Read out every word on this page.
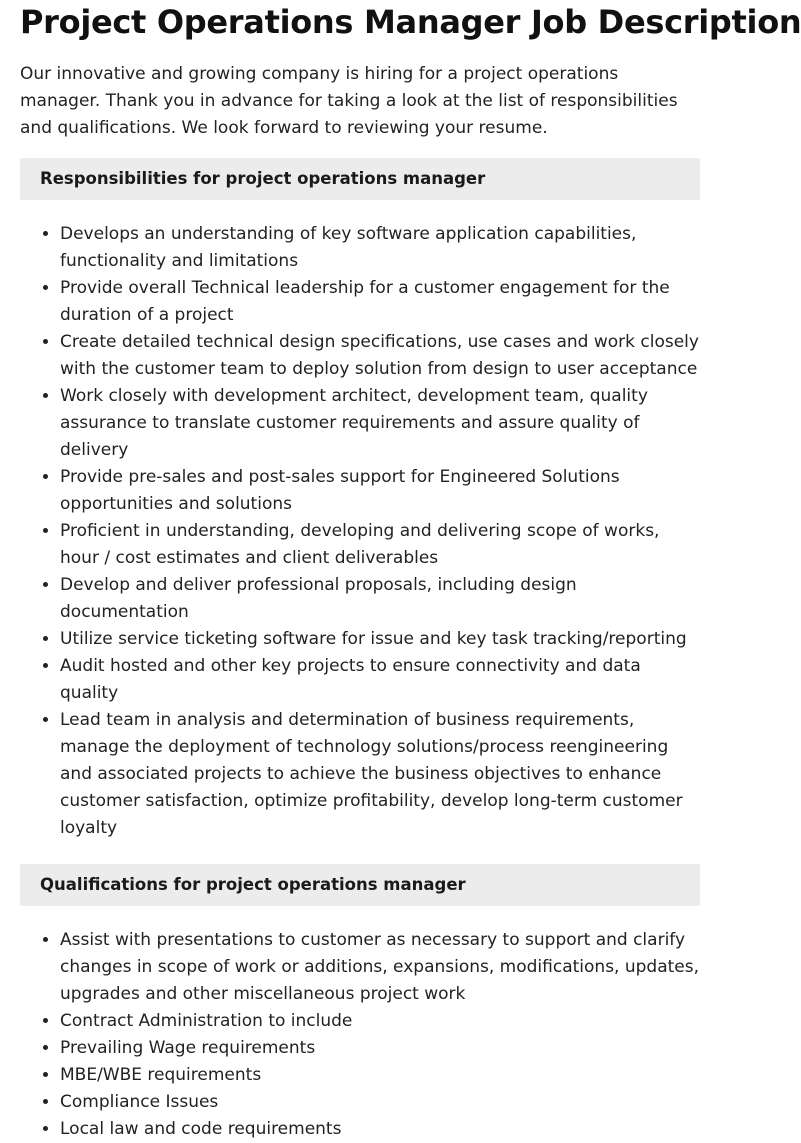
Project Operations Manager Job Description

Our innovative and growing company is hiring for a project operations manager. Thank you in advance for taking a look at the list of responsibilities and qualifications. We look forward to reviewing your resume.

Responsibilities for project operations manager
• Develops an understanding of key software application capabilities, functionality and limitations
• Provide overall Technical leadership for a customer engagement for the duration of a project
• Create detailed technical design specifications, use cases and work closely with the customer team to deploy solution from design to user acceptance
• Work closely with development architect, development team, quality assurance to translate customer requirements and assure quality of delivery
• Provide pre-sales and post-sales support for Engineered Solutions opportunities and solutions
• Proficient in understanding, developing and delivering scope of works, hour / cost estimates and client deliverables
• Develop and deliver professional proposals, including design documentation
• Utilize service ticketing software for issue and key task tracking/reporting
• Audit hosted and other key projects to ensure connectivity and data quality
• Lead team in analysis and determination of business requirements, manage the deployment of technology solutions/process reengineering and associated projects to achieve the business objectives to enhance customer satisfaction, optimize profitability, develop long-term customer loyalty
Qualifications for project operations manager
• Assist with presentations to customer as necessary to support and clarify changes in scope of work or additions, expansions, modifications, updates, upgrades and other miscellaneous project work
• Contract Administration to include
• Prevailing Wage requirements
• MBE/WBE requirements
• Compliance Issues
• Local law and code requirements
